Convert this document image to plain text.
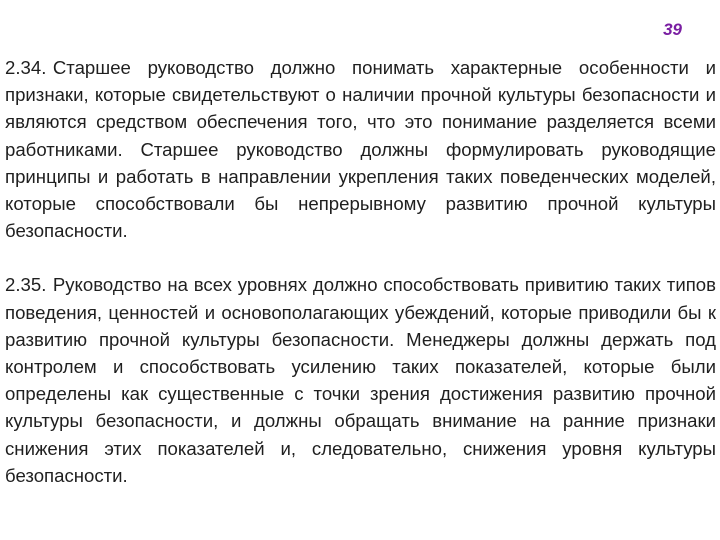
39

2.34. Старшее руководство должно понимать характерные особенности и признаки, которые свидетельствуют о наличии прочной культуры безопасности и являются средством обеспечения того, что это понимание разделяется всеми работниками. Старшее руководство должны формулировать руководящие принципы и работать в направлении укрепления таких поведенческих моделей, которые способствовали бы непрерывному развитию прочной культуры безопасности.

2.35. Руководство на всех уровнях должно способствовать привитию таких типов поведения, ценностей и основополагающих убеждений, которые приводили бы к развитию прочной культуры безопасности. Менеджеры должны держать под контролем и способствовать усилению таких показателей, которые были определены как существенные с точки зрения достижения развитию прочной культуры безопасности, и должны обращать внимание на ранние признаки снижения этих показателей и, следовательно, снижения уровня культуры безопасности.
